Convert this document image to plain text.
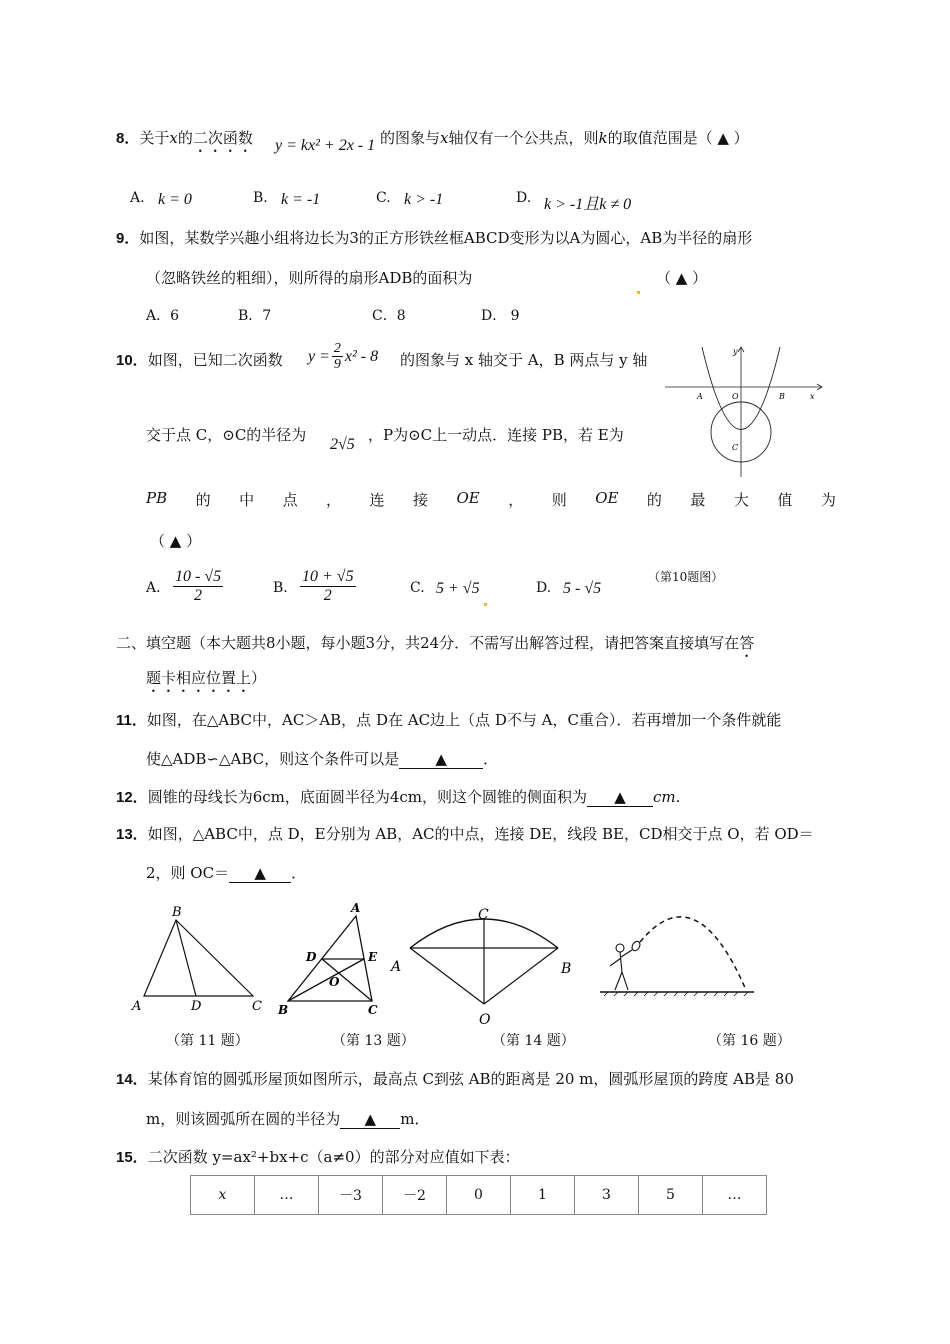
8．关于x的二次函数 y = kx² + 2x - 1 的图象与x轴仅有一个公共点，则k的取值范围是（ ▲ ）
A. k = 0	B. k = -1	C. k > -1	D. k > -1且k ≠ 0
9．如图，某数学兴趣小组将边长为3的正方形铁丝框ABCD变形为以A为圆心，AB为半径的扇形
（忽略铁丝的粗细），则所得的扇形ADB的面积为	（ ▲ ）
A．6	B．7	C．8	D． 9
10．如图，已知二次函数 $y = \frac{2}{9} x^2 - 8$ 的图象与 x 轴交于 A，B 两点与 y 轴
交于点 C，⊙C的半径为
2√5
，P为⊙C上一动点．连接 PB，若 E为
PB 的 中 点 ， 连 接 OE ， 则 OE 的 最 大 值 为
（ ▲ ）
A. $\frac{10 - √5}{2}$	B. $\frac{10 + √5}{2}$	C. 5 + √5	D. 5 - √5
（第10题图）
y
x
A	O	B
C
二、填空题（本大题共8小题，每小题3分，共24分．不需写出解答过程，请把答案直接填写在答
题卡相应位置上）
11．如图，在△ABC中，AC＞AB，点 D在 AC边上（点 D不与 A，C重合）．若再增加一个条件就能
使△ADB∽△ABC，则这个条件可以是 ▲ ．
12．圆锥的母线长为6cm，底面圆半径为4cm，则这个圆锥的侧面积为 ▲ cm.
13．如图，△ABC中，点 D，E分别为 AB，AC的中点，连接 DE，线段 BE，CD相交于点 O，若 OD＝
2，则 OC＝ ▲ ．
B
A	D	C
（第 11 题）
A
D	E
O
B	C
（第 13 题）
C
A	B
O
（第 14 题）	（第 16 题）
14．某体育馆的圆弧形屋顶如图所示，最高点 C到弦 AB的距离是 20 m，圆弧形屋顶的跨度 AB是 80
m，则该圆弧所在圆的半径为 ▲ m．
15．二次函数 y=ax²+bx+c（a≠0）的部分对应值如下表：
x	…	－3	－2	0	1	3	5	…
